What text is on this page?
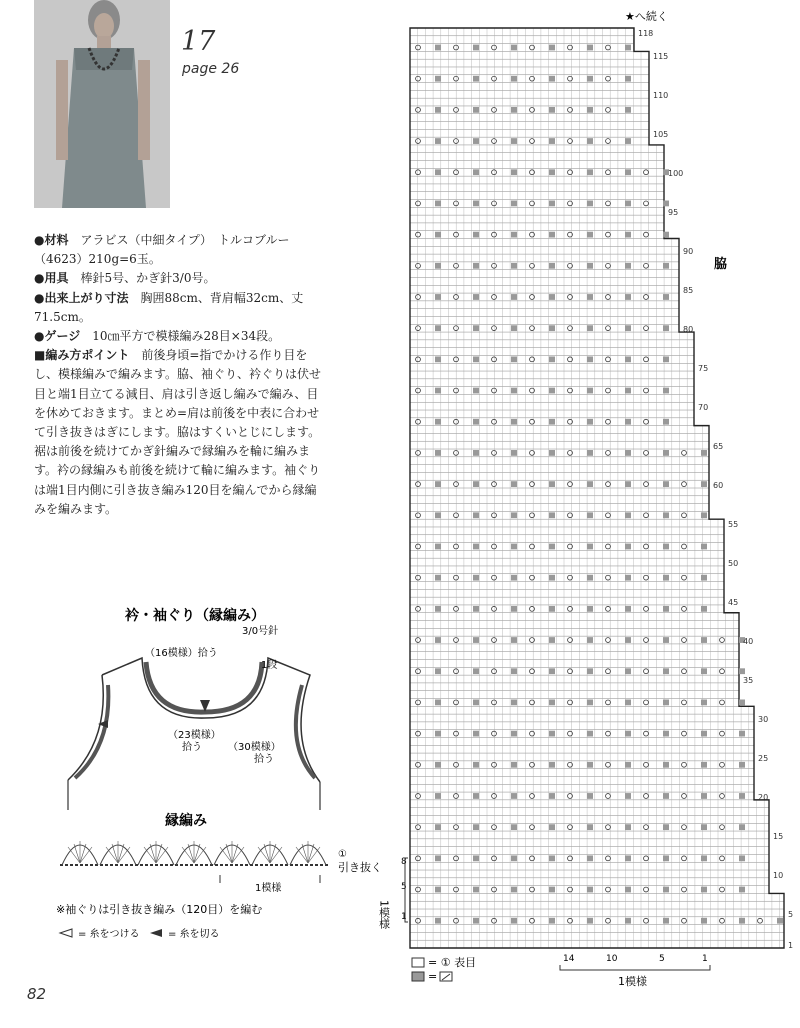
17
page 26

●材料　 アラビス（中細タイプ）　トルコブルー（4623）210g=6玉。

●用具　 棒針5号、かぎ針3/0号。

●出来上がり寸法　 胸囲88cm、背肩幅32cm、丈71.5cm。

●ゲージ　 10㎝平方で模様編み28目×34段。

■編み方ポイント　 前後身頃=指でかける作り目をし、模様編みで編みます。脇、袖ぐり、衿ぐりは伏せ目と端1目立てる減目、肩は引き返し編みで編み、目を休めておきます。まとめ=肩は前後を中表に合わせて引き抜きはぎにします。脇はすくいとじにします。裾は前後を続けてかぎ針編みで縁編みを輪に編みます。衿の縁編みも前後を続けて輪に編みます。袖ぐりは端1目内側に引き抜き編み120目を編んでから縁編みを編みます。

衿・袖ぐり（縁編み）
3/0号針
（16模様）拾う
1段
（23模様）
拾う	（30模様）
拾う
縁編み
①
引き抜く
1模様
※袖ぐりは引き抜き編み（120目）を編む
= 糸をつける	= 糸を切る
82
★へ続く
118
115
110
105
100
95
90
85
80
75
70
65
60
55
50
45
40
35
30
25
20
15
10
5
1
脇
1模様
8
5
1
14	10	5	1
1模様
= ① 表目
=
